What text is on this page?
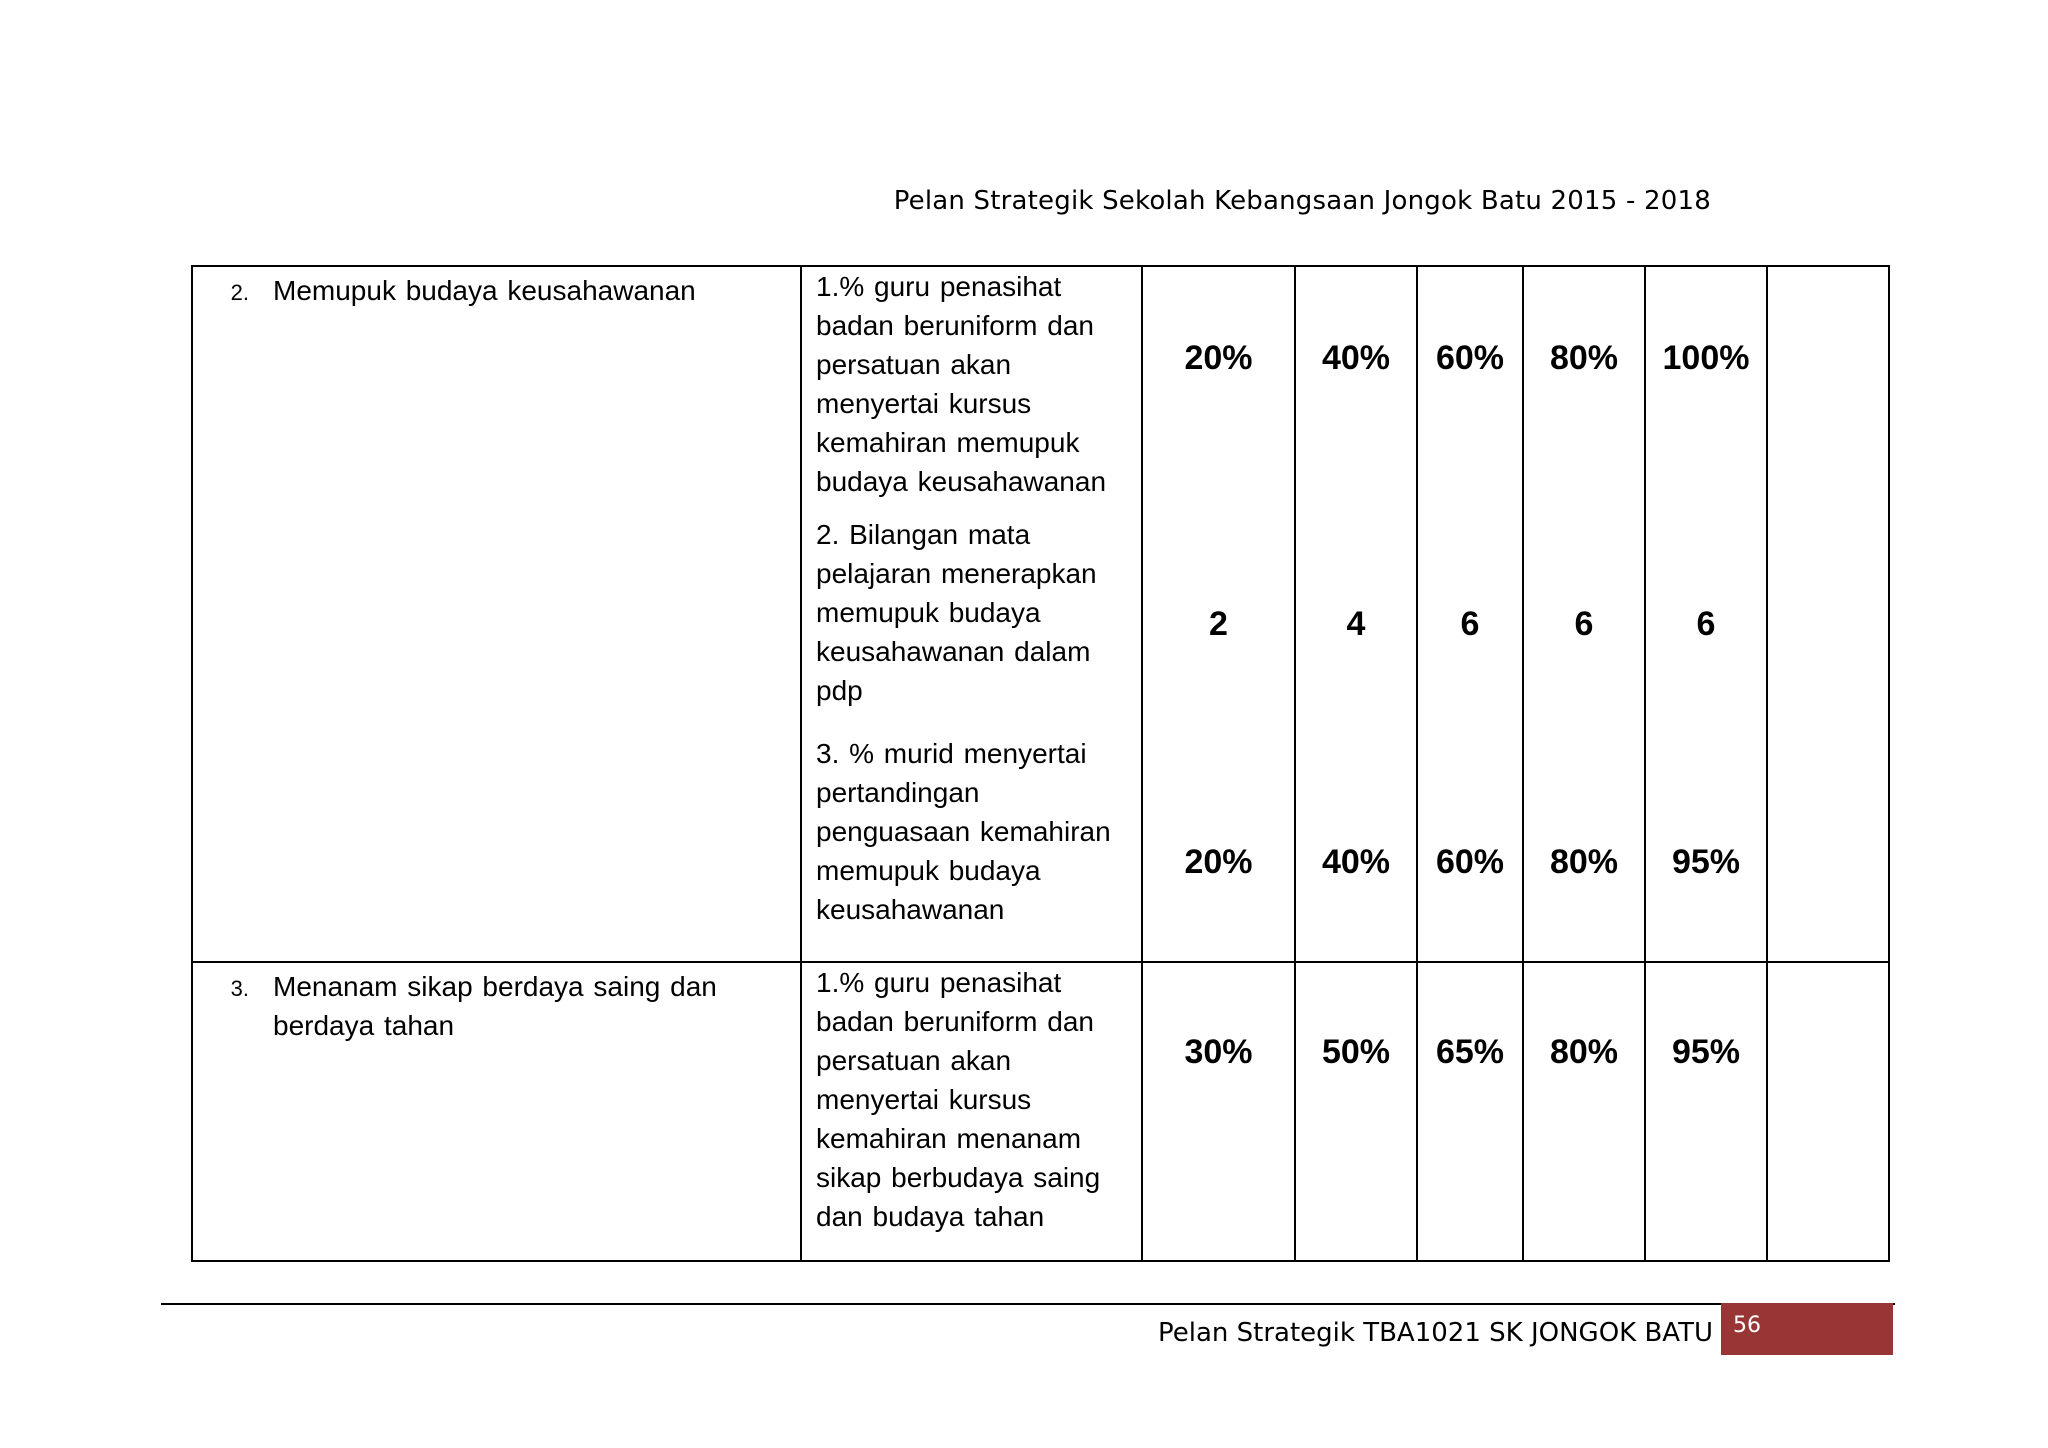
Pelan Strategik Sekolah Kebangsaan Jongok Batu 2015 - 2018
2. Memupuk budaya keusahawanan	1.% guru penasihat badan beruniform dan persatuan akan menyertai kursus kemahiran memupuk budaya keusahawanan	20%	40%	60%	80%	100%	

	2. Bilangan mata pelajaran menerapkan memupuk budaya keusahawanan dalam pdp	2	4	6	6	6	

	3. % murid menyertai pertandingan penguasaan kemahiran memupuk budaya keusahawanan	20%	40%	60%	80%	95%	

3. Menanam sikap berdaya saing dan berdaya tahan	1.% guru penasihat badan beruniform dan persatuan akan menyertai kursus kemahiran menanam sikap berbudaya saing dan budaya tahan	30%	50%	65%	80%	95%	
Pelan Strategik TBA1021 SK JONGOK BATU 56
